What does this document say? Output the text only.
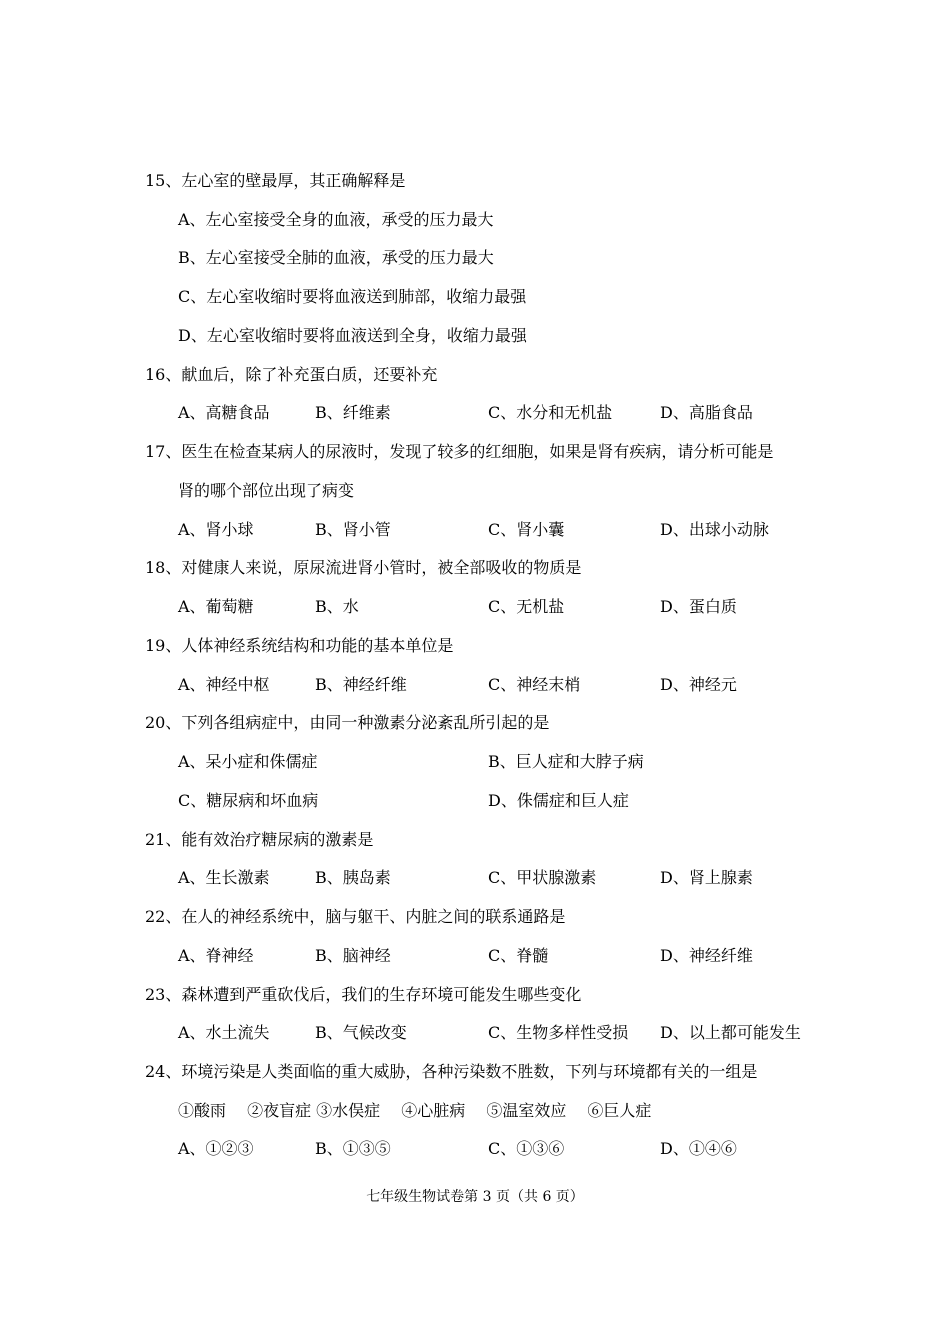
15、左心室的壁最厚，其正确解释是
A、左心室接受全身的血液，承受的压力最大
B、左心室接受全肺的血液，承受的压力最大
C、左心室收缩时要将血液送到肺部，收缩力最强
D、左心室收缩时要将血液送到全身，收缩力最强
16、献血后，除了补充蛋白质，还要补充
A、高糖食品	B、纤维素	C、水分和无机盐	D、高脂食品
17、医生在检查某病人的尿液时，发现了较多的红细胞，如果是肾有疾病，请分析可能是
肾的哪个部位出现了病变
A、肾小球	B、肾小管	C、肾小囊	D、出球小动脉
18、对健康人来说，原尿流进肾小管时，被全部吸收的物质是
A、葡萄糖	B、水	C、无机盐	D、蛋白质
19、人体神经系统结构和功能的基本单位是
A、神经中枢	B、神经纤维	C、神经末梢	D、神经元
20、下列各组病症中，由同一种激素分泌紊乱所引起的是
A、呆小症和侏儒症	B、巨人症和大脖子病
C、糖尿病和坏血病	D、侏儒症和巨人症
21、能有效治疗糖尿病的激素是
A、生长激素	B、胰岛素	C、甲状腺激素	D、肾上腺素
22、在人的神经系统中，脑与躯干、内脏之间的联系通路是
A、脊神经	B、脑神经	C、脊髓	D、神经纤维
23、森林遭到严重砍伐后，我们的生存环境可能发生哪些变化
A、水土流失	B、气候改变	C、生物多样性受损 D、以上都可能发生
24、环境污染是人类面临的重大威胁，各种污染数不胜数，下列与环境都有关的一组是
①酸雨　 ②夜盲症 ③水俣症 　④心脏病 　⑤温室效应 　⑥巨人症
A、①②③	B、①③⑤	C、①③⑥	D、①④⑥
七年级生物试卷第 3 页（共 6 页）
